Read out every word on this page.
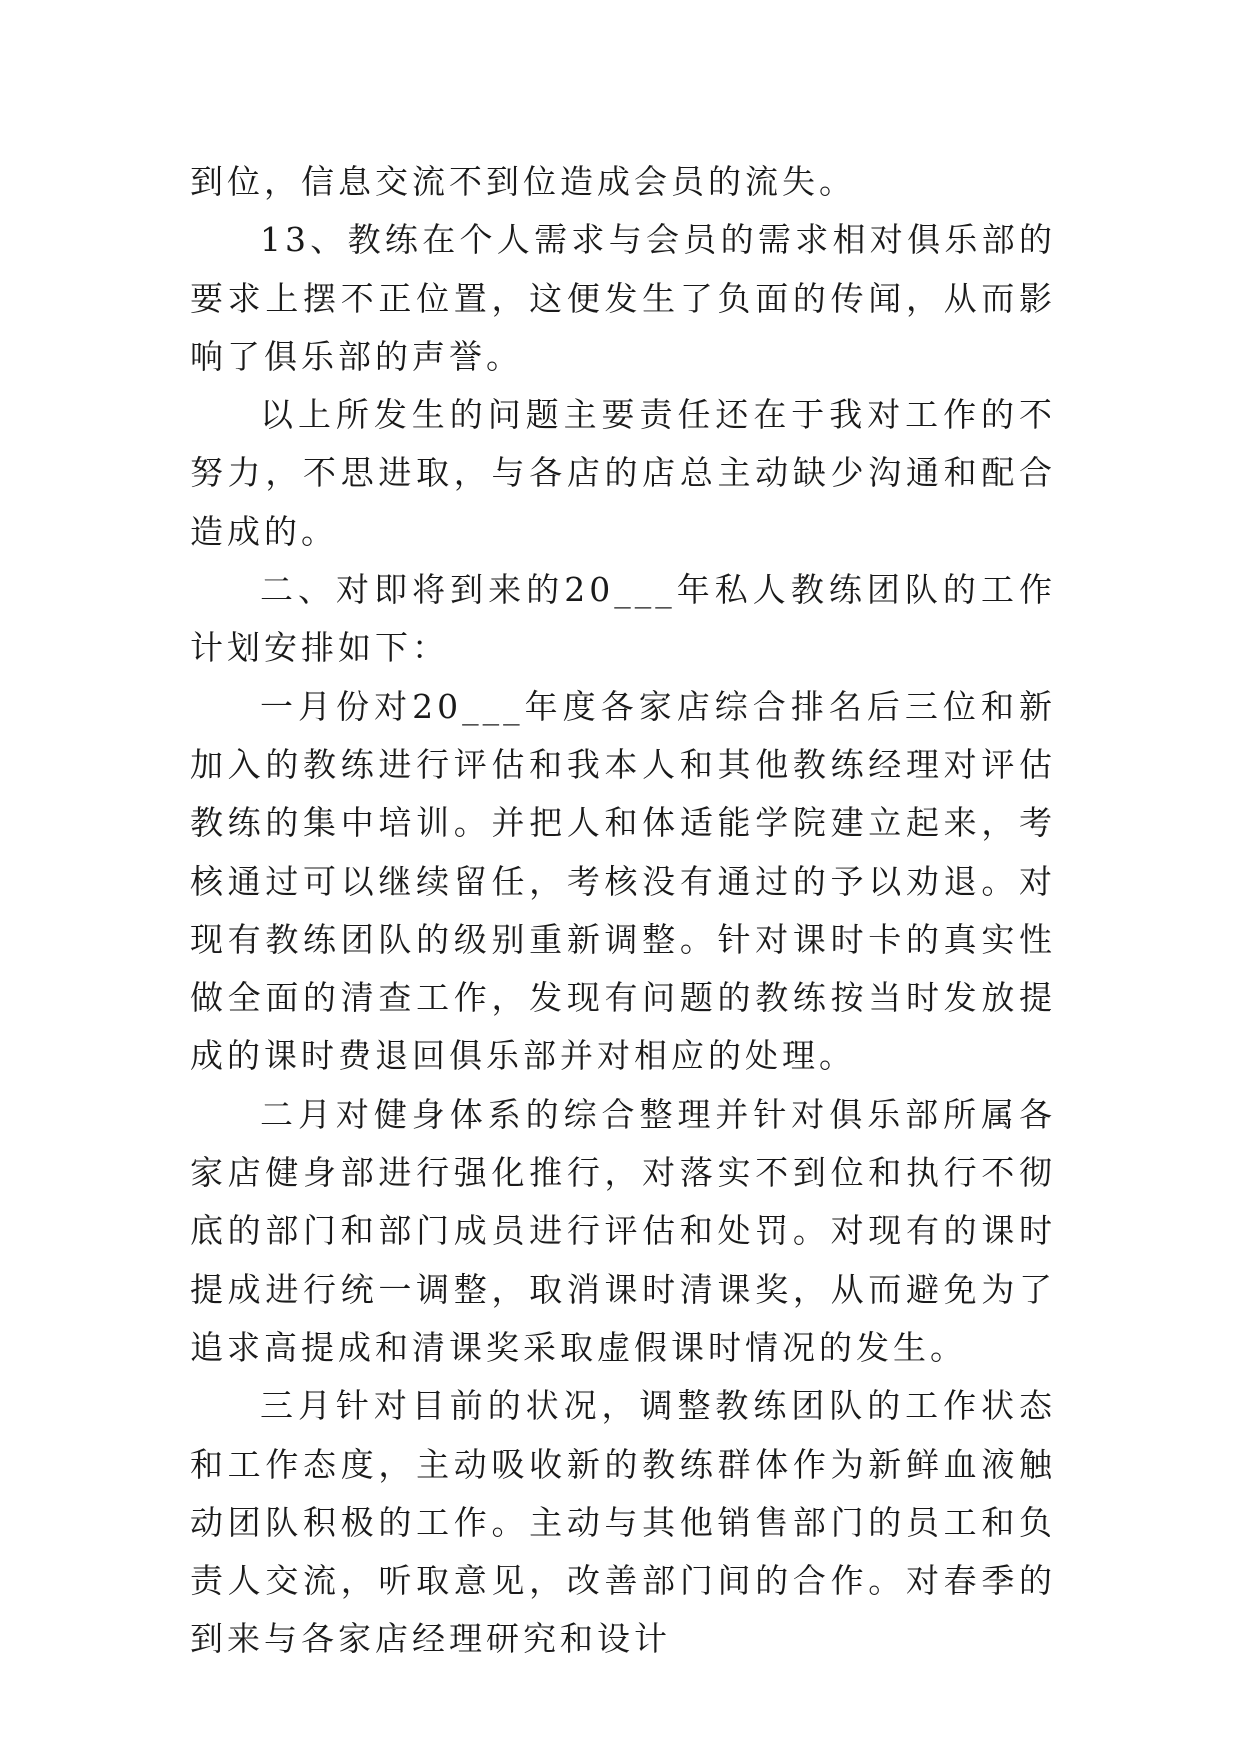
到位，信息交流不到位造成会员的流失。

13、教练在个人需求与会员的需求相对俱乐部的要求上摆不正位置，这便发生了负面的传闻，从而影响了俱乐部的声誉。

以上所发生的问题主要责任还在于我对工作的不努力，不思进取，与各店的店总主动缺少沟通和配合造成的。

二、对即将到来的20___年私人教练团队的工作计划安排如下：

一月份对20___年度各家店综合排名后三位和新加入的教练进行评估和我本人和其他教练经理对评估教练的集中培训。并把人和体适能学院建立起来，考核通过可以继续留任，考核没有通过的予以劝退。对现有教练团队的级别重新调整。针对课时卡的真实性做全面的清查工作，发现有问题的教练按当时发放提成的课时费退回俱乐部并对相应的处理。

二月对健身体系的综合整理并针对俱乐部所属各家店健身部进行强化推行，对落实不到位和执行不彻底的部门和部门成员进行评估和处罚。对现有的课时提成进行统一调整，取消课时清课奖，从而避免为了追求高提成和清课奖采取虚假课时情况的发生。

三月针对目前的状况，调整教练团队的工作状态和工作态度，主动吸收新的教练群体作为新鲜血液触动团队积极的工作。主动与其他销售部门的员工和负责人交流，听取意见，改善部门间的合作。对春季的到来与各家店经理研究和设计
